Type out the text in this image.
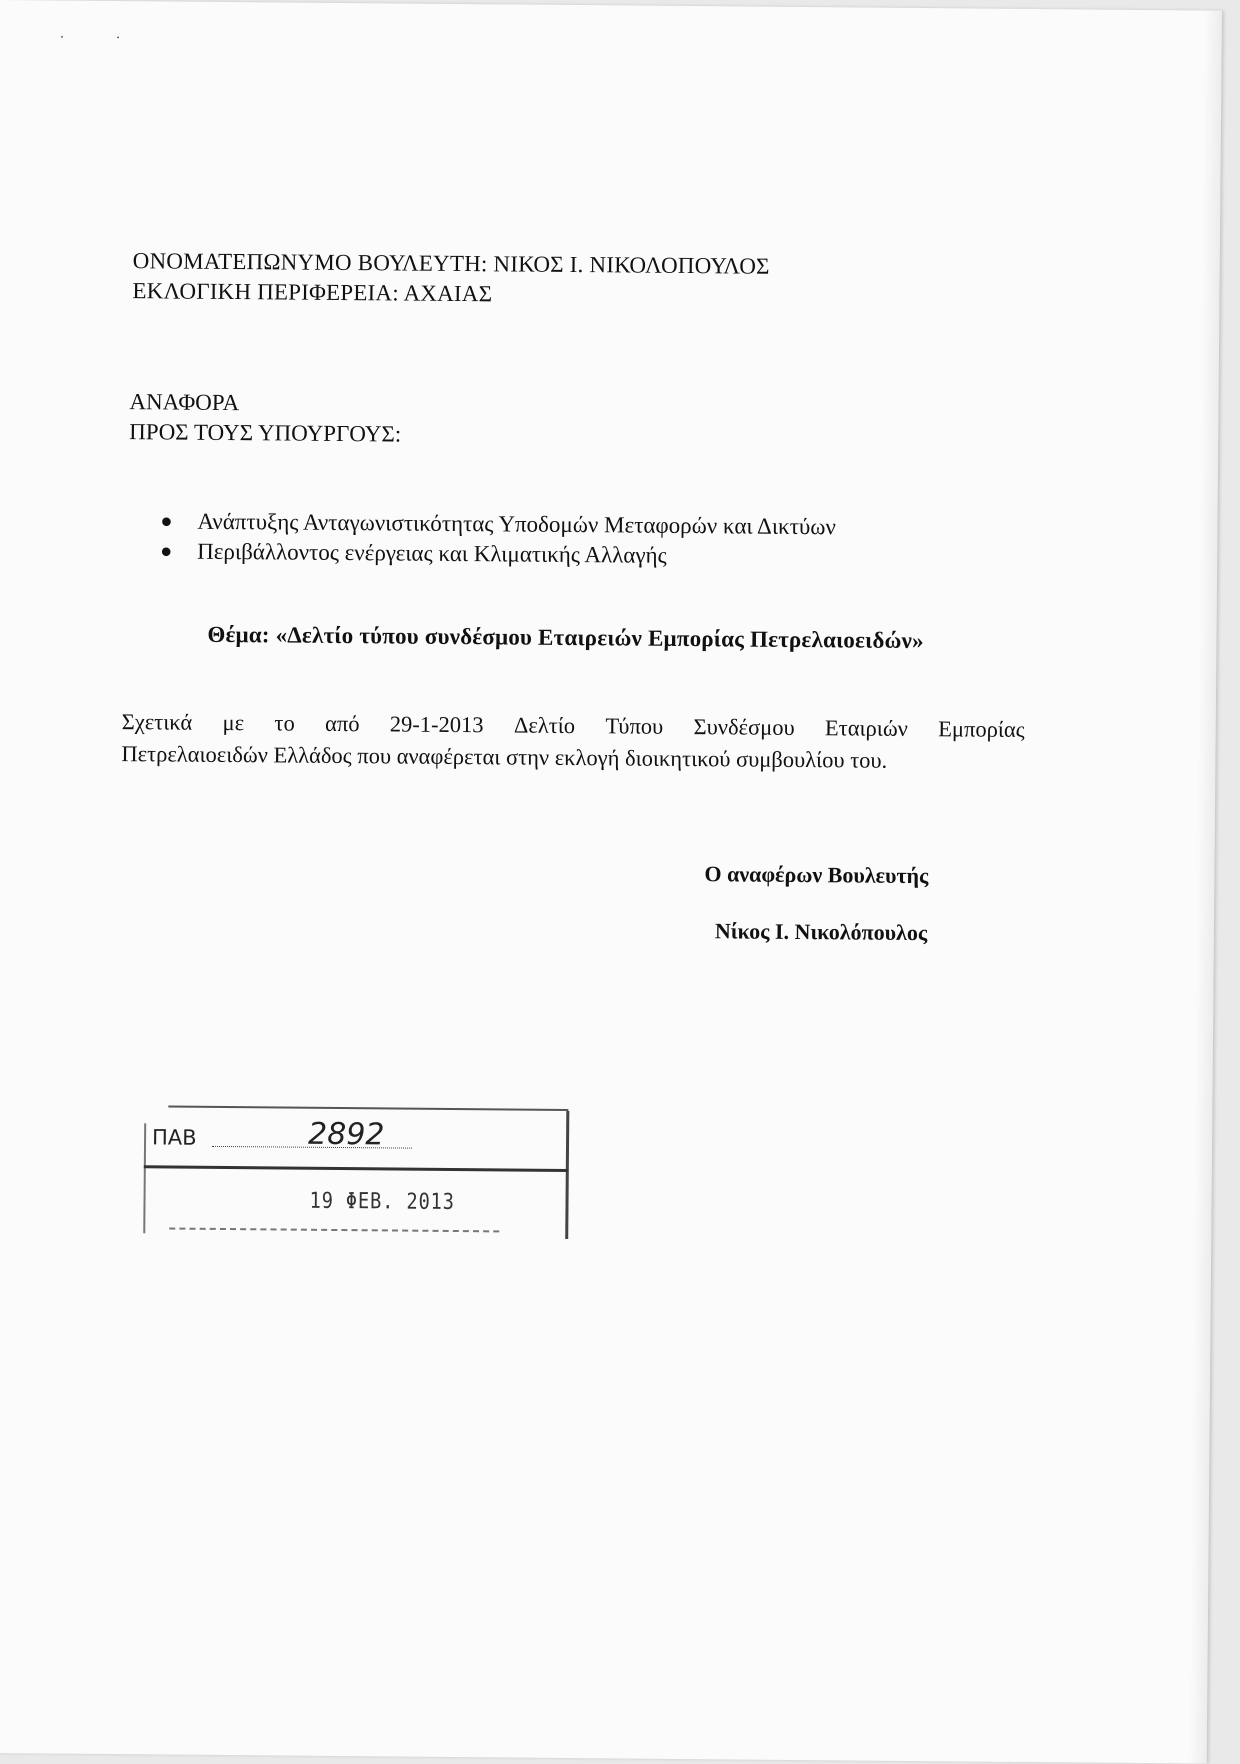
· ·
ΟΝΟΜΑΤΕΠΩΝΥΜΟ ΒΟΥΛΕΥΤΗ: ΝΙΚΟΣ Ι. ΝΙΚΟΛΟΠΟΥΛΟΣ
ΕΚΛΟΓΙΚΗ ΠΕΡΙΦΕΡΕΙΑ: ΑΧΑΙΑΣ
ΑΝΑΦΟΡΑ
ΠΡΟΣ ΤΟΥΣ ΥΠΟΥΡΓΟΥΣ:
● Ανάπτυξης Ανταγωνιστικότητας Υποδομών Μεταφορών και Δικτύων
● Περιβάλλοντος ενέργειας και Κλιματικής Αλλαγής
Θέμα: «Δελτίο τύπου συνδέσμου Εταιρειών Εμπορίας Πετρελαιοειδών»
Σχετικά με το από 29-1-2013 Δελτίο Τύπου Συνδέσμου Εταιριών Εμπορίας
Πετρελαιοειδών Ελλάδος που αναφέρεται στην εκλογή διοικητικού συμβουλίου του.
Ο αναφέρων Βουλευτής
Νίκος Ι. Νικολόπουλος
ΠΑΒ	2892
19 ΦΕΒ. 2013
